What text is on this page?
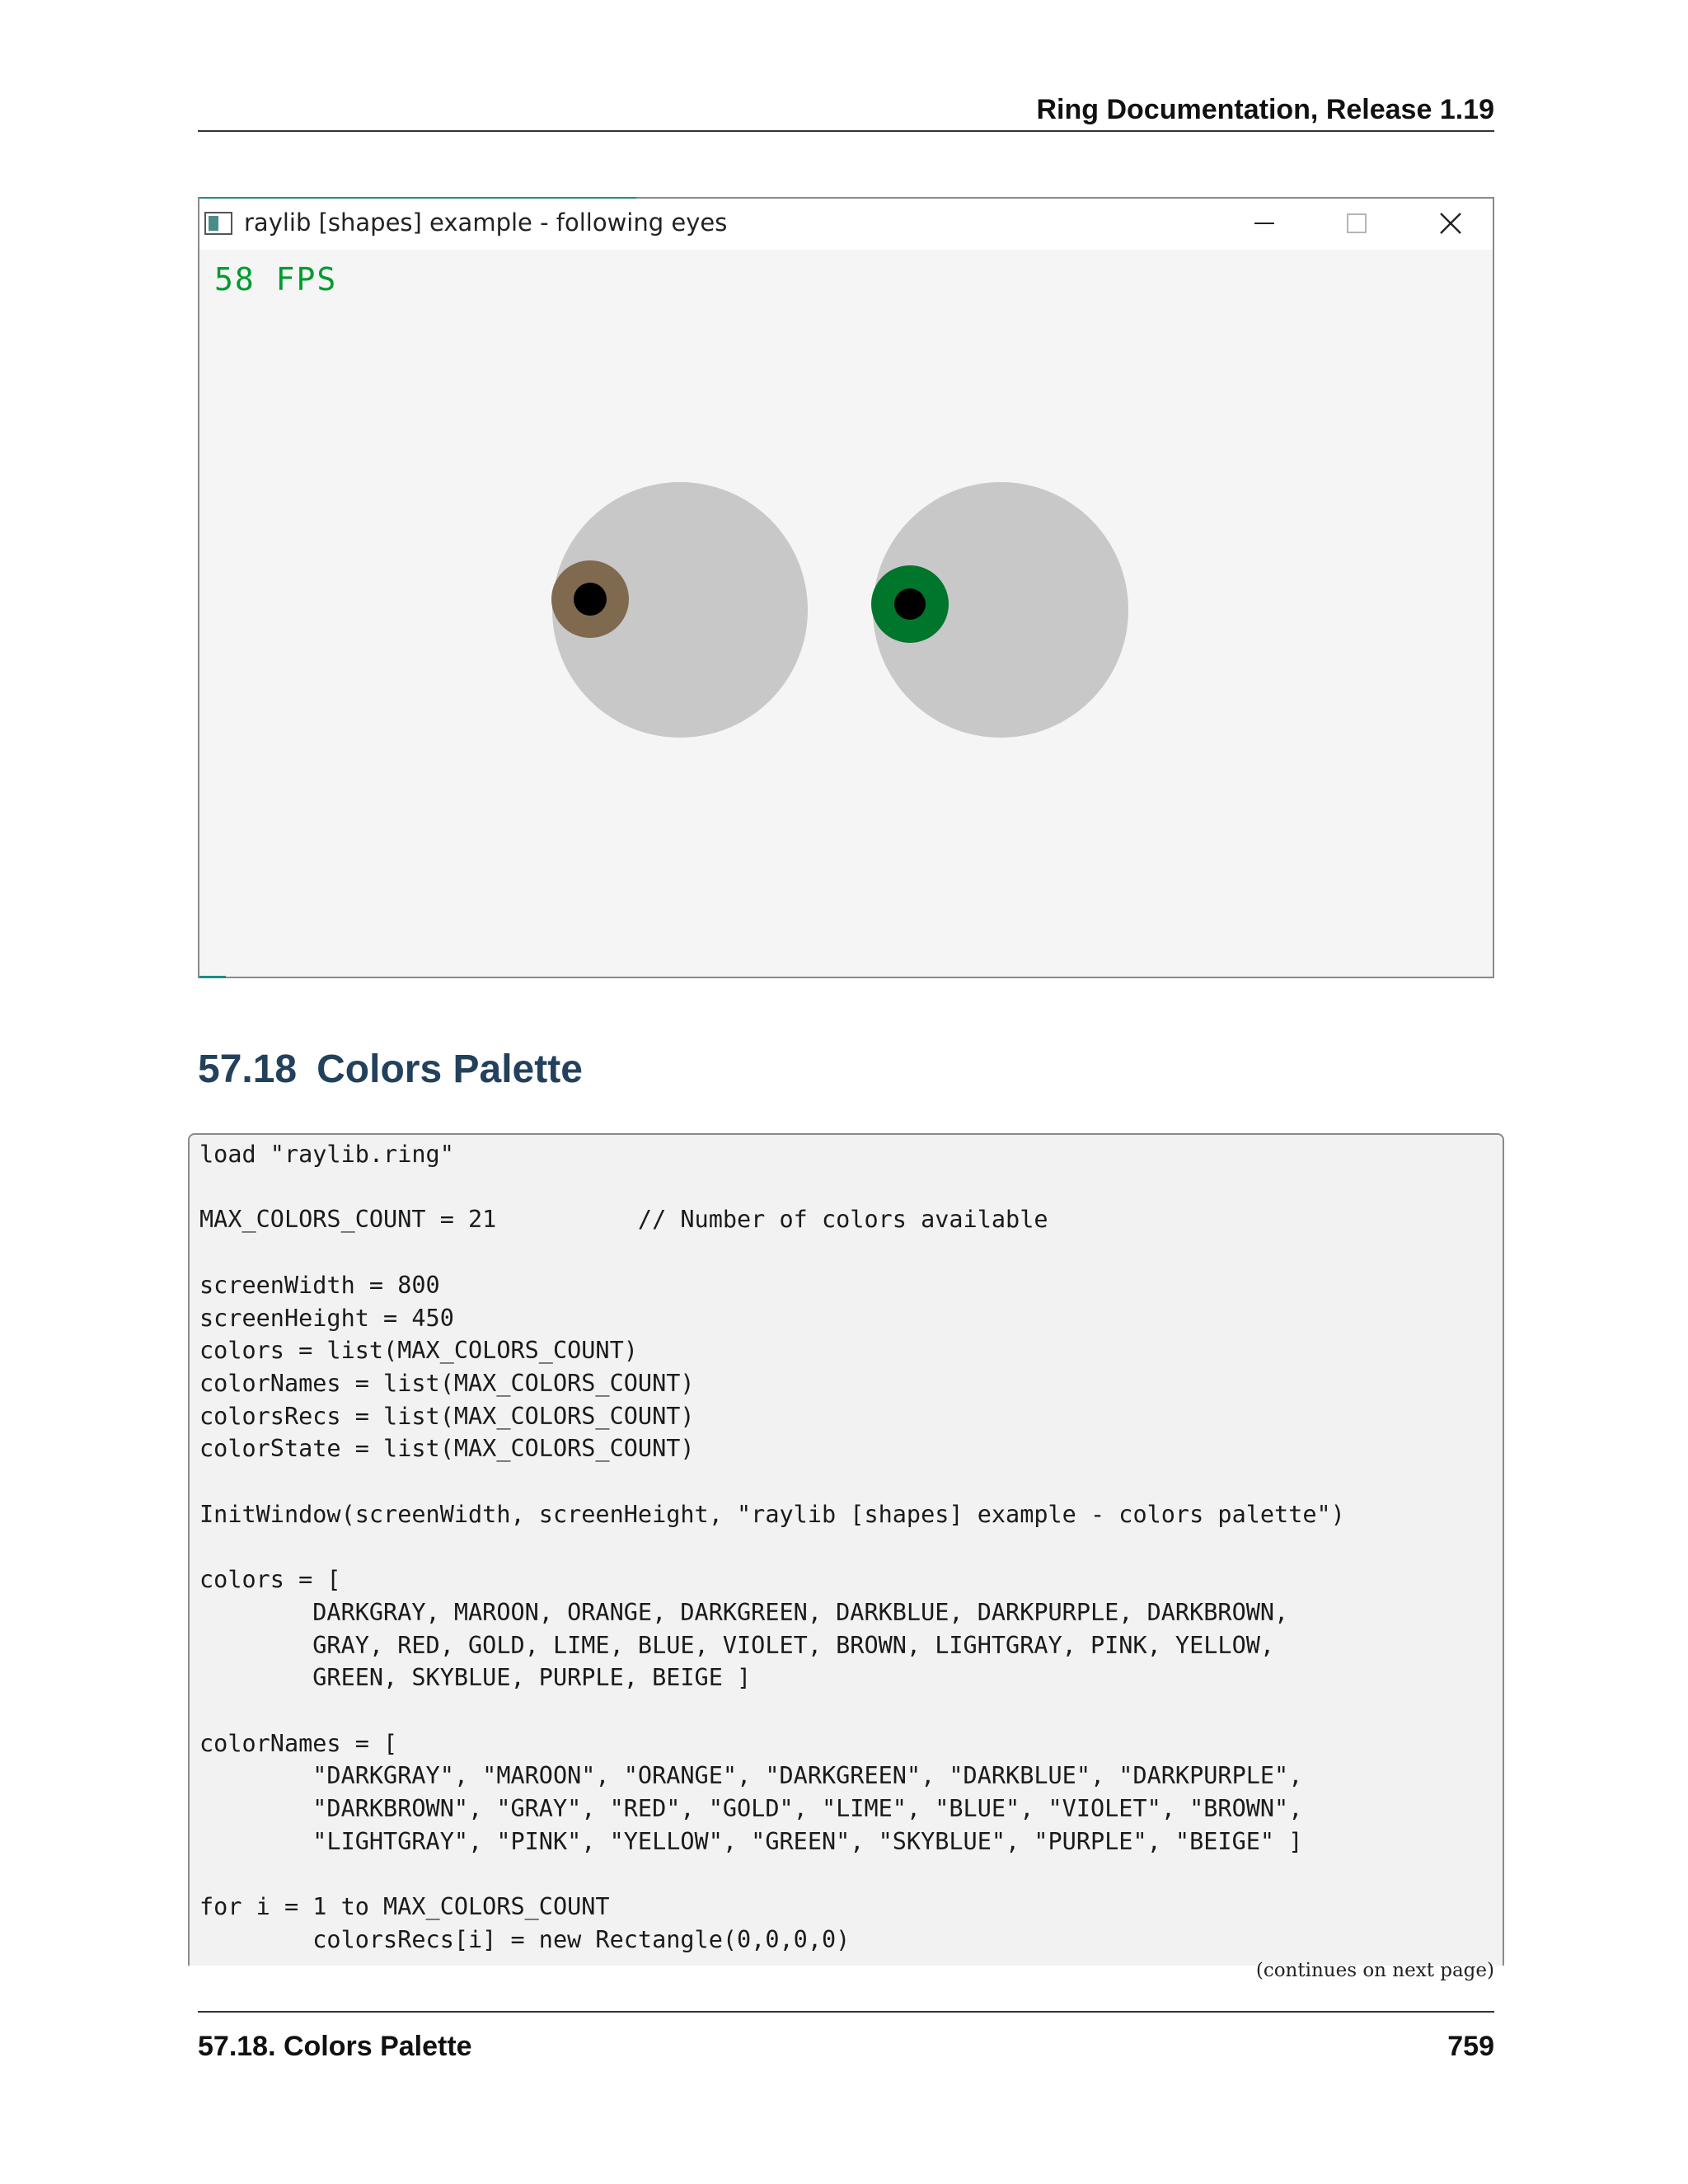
Ring Documentation, Release 1.19
raylib [shapes] example - following eyes
58 FPS
57.18 Colors Palette
load "raylib.ring"

MAX_COLORS_COUNT = 21          // Number of colors available

screenWidth = 800
screenHeight = 450
colors = list(MAX_COLORS_COUNT)
colorNames = list(MAX_COLORS_COUNT)
colorsRecs = list(MAX_COLORS_COUNT)
colorState = list(MAX_COLORS_COUNT)

InitWindow(screenWidth, screenHeight, "raylib [shapes] example - colors palette")

colors = [
DARKGRAY, MAROON, ORANGE, DARKGREEN, DARKBLUE, DARKPURPLE, DARKBROWN,
GRAY, RED, GOLD, LIME, BLUE, VIOLET, BROWN, LIGHTGRAY, PINK, YELLOW,
GREEN, SKYBLUE, PURPLE, BEIGE ]

colorNames = [
"DARKGRAY", "MAROON", "ORANGE", "DARKGREEN", "DARKBLUE", "DARKPURPLE",
"DARKBROWN", "GRAY", "RED", "GOLD", "LIME", "BLUE", "VIOLET", "BROWN",
"LIGHTGRAY", "PINK", "YELLOW", "GREEN", "SKYBLUE", "PURPLE", "BEIGE" ]

for i = 1 to MAX_COLORS_COUNT
colorsRecs[i] = new Rectangle(0,0,0,0)

(continues on next page)
57.18. Colors Palette	759
